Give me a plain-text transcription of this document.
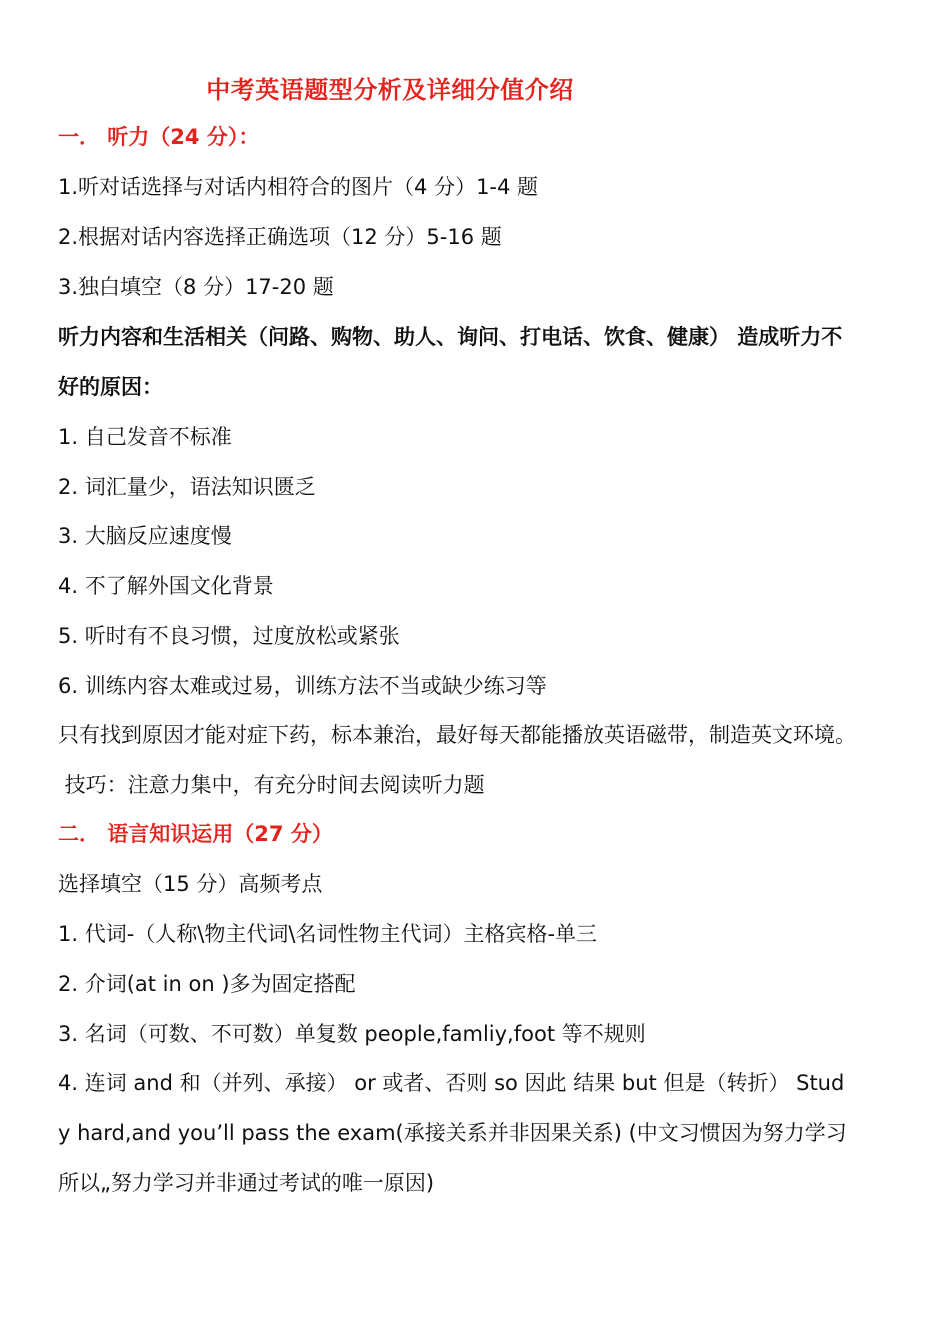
中考英语题型分析及详细分值介绍
一． 听力（24 分）：
1.听对话选择与对话内相符合的图片（4 分）1-4 题
2.根据对话内容选择正确选项（12 分）5-16 题
3.独白填空（8 分）17-20 题
听力内容和生活相关（问路、购物、助人、询问、打电话、饮食、健康） 造成听力不
好的原因：
1. 自己发音不标准
2. 词汇量少，语法知识匮乏
3. 大脑反应速度慢
4. 不了解外国文化背景
5. 听时有不良习惯，过度放松或紧张
6. 训练内容太难或过易，训练方法不当或缺少练习等
只有找到原因才能对症下药，标本兼治，最好每天都能播放英语磁带，制造英文环境。
技巧：注意力集中，有充分时间去阅读听力题
二． 语言知识运用（27 分）
选择填空（15 分）高频考点
1. 代词-（人称\物主代词\名词性物主代词）主格宾格-单三
2. 介词(at in on )多为固定搭配
3. 名词（可数、不可数）单复数 people,famliy,foot 等不规则
4. 连词 and 和（并列、承接） or 或者、否则 so 因此 结果 but 但是（转折） Stud
y hard,and you’ll pass the exam(承接关系并非因果关系) (中文习惯因为努力学习
所以„努力学习并非通过考试的唯一原因)
